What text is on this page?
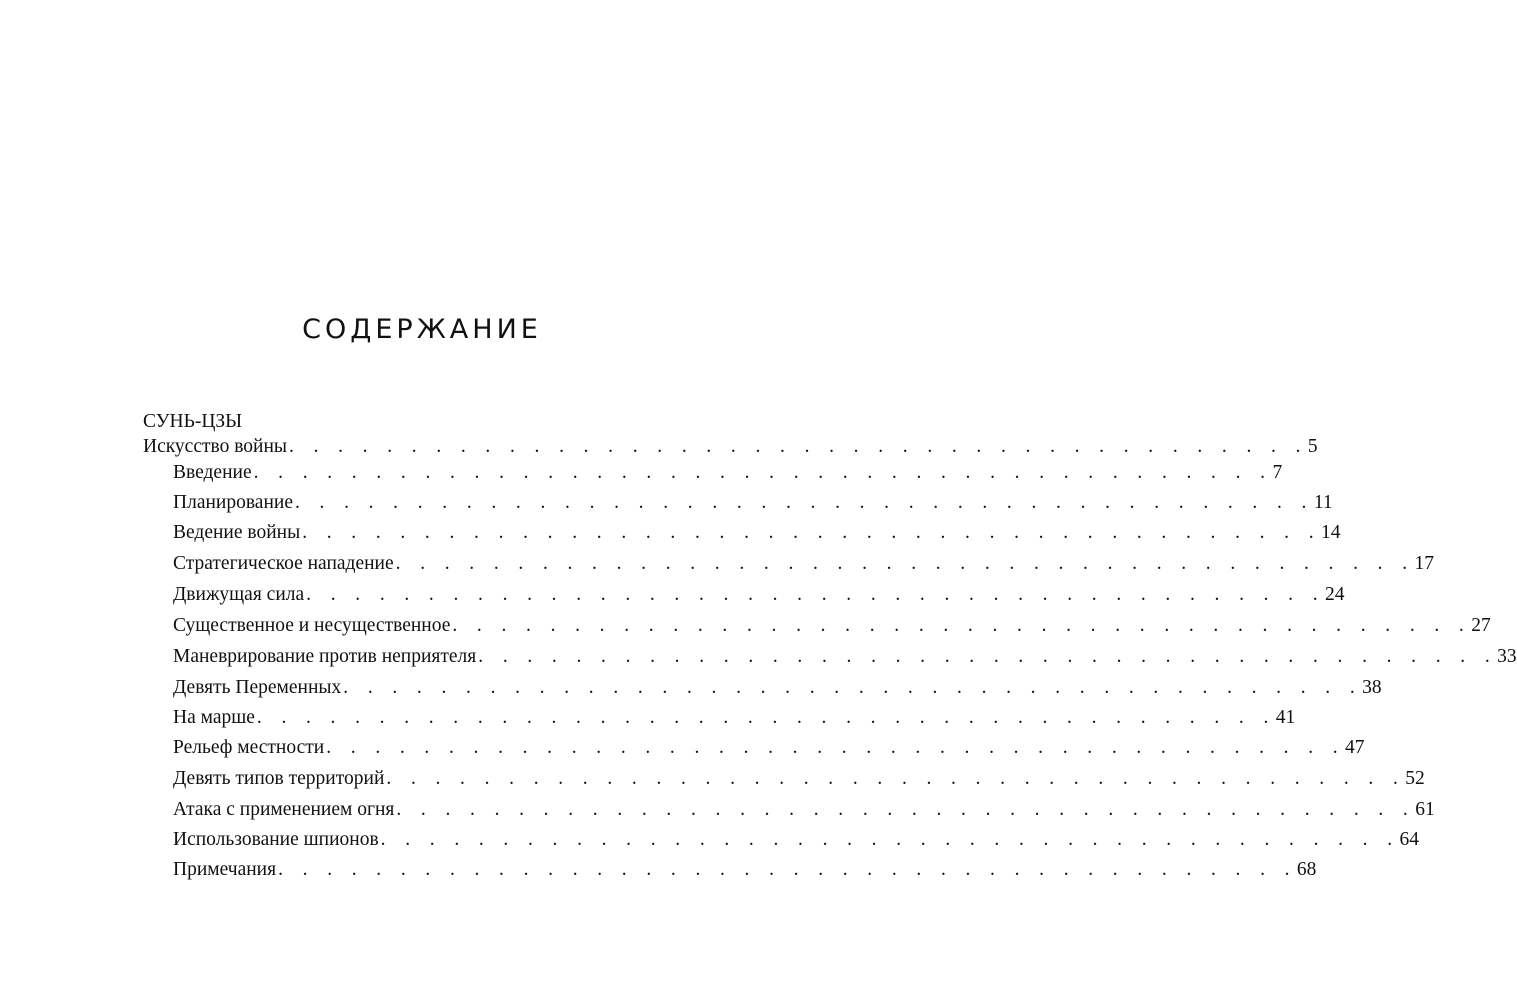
СОДЕРЖАНИЕ
СУНЬ-ЦЗЫ
Искусство войны . . . . . . . . . . . . . . . . . . . . . . . . . . . . . . . . . . . . . . . . . . 5
Введение . . . . . . . . . . . . . . . . . . . . . . . . . . . . . . . . . . . . . . . . . . 7
Планирование . . . . . . . . . . . . . . . . . . . . . . . . . . . . . . . . . . . . . . . . . . 11
Ведение войны . . . . . . . . . . . . . . . . . . . . . . . . . . . . . . . . . . . . . . . . . . 14
Стратегическое нападение . . . . . . . . . . . . . . . . . . . . . . . . . . . . . . . . . . . . . . . . . . 17
Движущая сила . . . . . . . . . . . . . . . . . . . . . . . . . . . . . . . . . . . . . . . . . . 24
Существенное и несущественное . . . . . . . . . . . . . . . . . . . . . . . . . . . . . . . . . . . . . . . . . . 27
Маневрирование против неприятеля . . . . . . . . . . . . . . . . . . . . . . . . . . . . . . . . . . . . . . . . . . 33
Девять Переменных . . . . . . . . . . . . . . . . . . . . . . . . . . . . . . . . . . . . . . . . . . 38
На марше . . . . . . . . . . . . . . . . . . . . . . . . . . . . . . . . . . . . . . . . . . 41
Рельеф местности . . . . . . . . . . . . . . . . . . . . . . . . . . . . . . . . . . . . . . . . . . 47
Девять типов территорий . . . . . . . . . . . . . . . . . . . . . . . . . . . . . . . . . . . . . . . . . . 52
Атака с применением огня . . . . . . . . . . . . . . . . . . . . . . . . . . . . . . . . . . . . . . . . . . 61
Использование шпионов . . . . . . . . . . . . . . . . . . . . . . . . . . . . . . . . . . . . . . . . . . 64
Примечания . . . . . . . . . . . . . . . . . . . . . . . . . . . . . . . . . . . . . . . . . . 68
